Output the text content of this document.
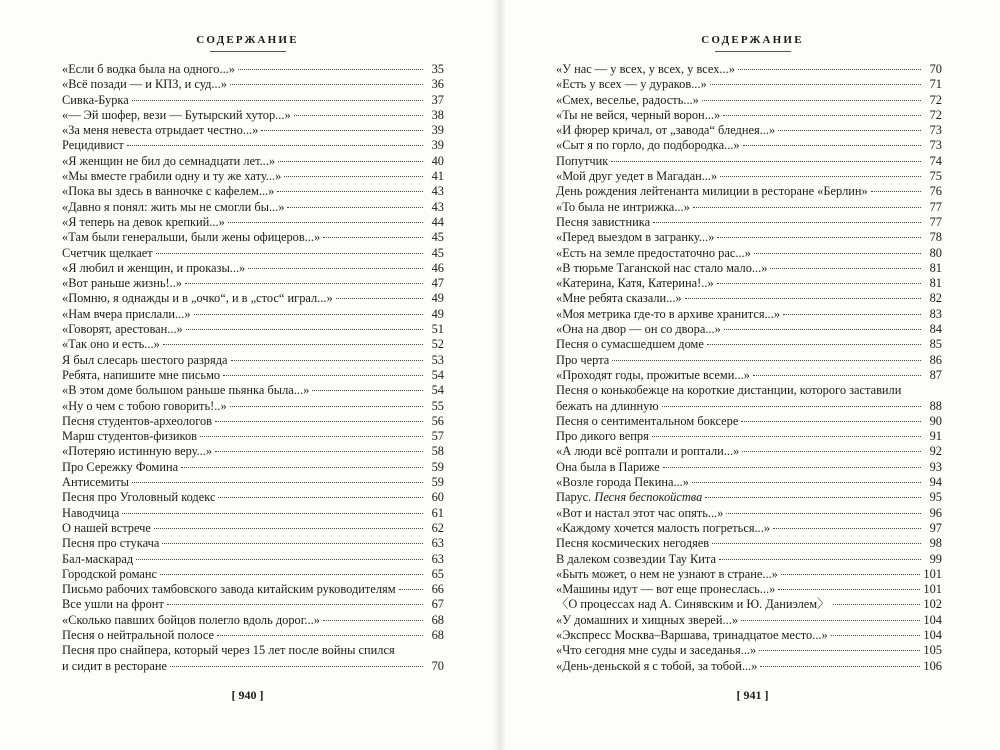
СОДЕРЖАНИЕ
«Если б водка была на одного...»	35
«Всё позади — и КПЗ, и суд...»	36
Сивка-Бурка	37
«— Эй шофер, вези — Бутырский хутор...»	38
«За меня невеста отрыдает честно...»	39
Рецидивист	39
«Я женщин не бил до семнадцати лет...»	40
«Мы вместе грабили одну и ту же хату...»	41
«Пока вы здесь в ванночке с кафелем...»	43
«Давно я понял: жить мы не смогли бы...»	43
«Я теперь на девок крепкий...»	44
«Там были генеральши, были жены офицеров...»	45
Счетчик щелкает	45
«Я любил и женщин, и проказы...»	46
«Вот раньше жизнь!..»	47
«Помню, я однажды и в „очко“, и в „стос“ играл...»	49
«Нам вчера прислали...»	49
«Говорят, арестован...»	51
«Так оно и есть...»	52
Я был слесарь шестого разряда	53
Ребята, напишите мне письмо	54
«В этом доме большом раньше пьянка была...»	54
«Ну о чем с тобою говорить!..»	55
Песня студентов-археологов	56
Марш студентов-физиков	57
«Потеряю истинную веру...»	58
Про Сережку Фомина	59
Антисемиты	59
Песня про Уголовный кодекс	60
Наводчица	61
О нашей встрече	62
Песня про стукача	63
Бал-маскарад	63
Городской романс	65
Письмо рабочих тамбовского завода китайским руководителям	66
Все ушли на фронт	67
«Сколько павших бойцов полегло вдоль дорог...»	68
Песня о нейтральной полосе	68
Песня про снайпера, который через 15 лет после войны спился
и сидит в ресторане	70
[ 940 ]
СОДЕРЖАНИЕ
«У нас — у всех, у всех, у всех...»	70
«Есть у всех — у дураков...»	71
«Смех, веселье, радость...»	72
«Ты не вейся, черный ворон...»	72
«И фюрер кричал, от „завода“ бледнея...»	73
«Сыт я по горло, до подбородка...»	73
Попутчик	74
«Мой друг уедет в Магадан...»	75
День рождения лейтенанта милиции в ресторане «Берлин»	76
«То была не интрижка...»	77
Песня завистника	77
«Перед выездом в загранку...»	78
«Есть на земле предостаточно рас...»	80
«В тюрьме Таганской нас стало мало...»	81
«Катерина, Катя, Катерина!..»	81
«Мне ребята сказали...»	82
«Моя метрика где-то в архиве хранится...»	83
«Она на двор — он со двора...»	84
Песня о сумасшедшем доме	85
Про черта	86
«Проходят годы, прожитые всеми...»	87
Песня о конькобежце на короткие дистанции, которого заставили
бежать на длинную	88
Песня о сентиментальном боксере	90
Про дикого вепря	91
«А люди всё роптали и роптали...»	92
Она была в Париже	93
«Возле города Пекина...»	94
Парус. Песня беспокойства	95
«Вот и настал этот час опять...»	96
«Каждому хочется малость погреться...»	97
Песня космических негодяев	98
В далеком созвездии Тау Кита	99
«Быть может, о нем не узнают в стране...»	101
«Машины идут — вот еще пронеслась...»	101
〈О процессах над А. Синявским и Ю. Даниэлем〉	102
«У домашних и хищных зверей...»	104
«Экспресс Москва–Варшава, тринадцатое место...»	104
«Что сегодня мне суды и заседанья...»	105
«День-деньской я с тобой, за тобой...»	106
[ 941 ]
